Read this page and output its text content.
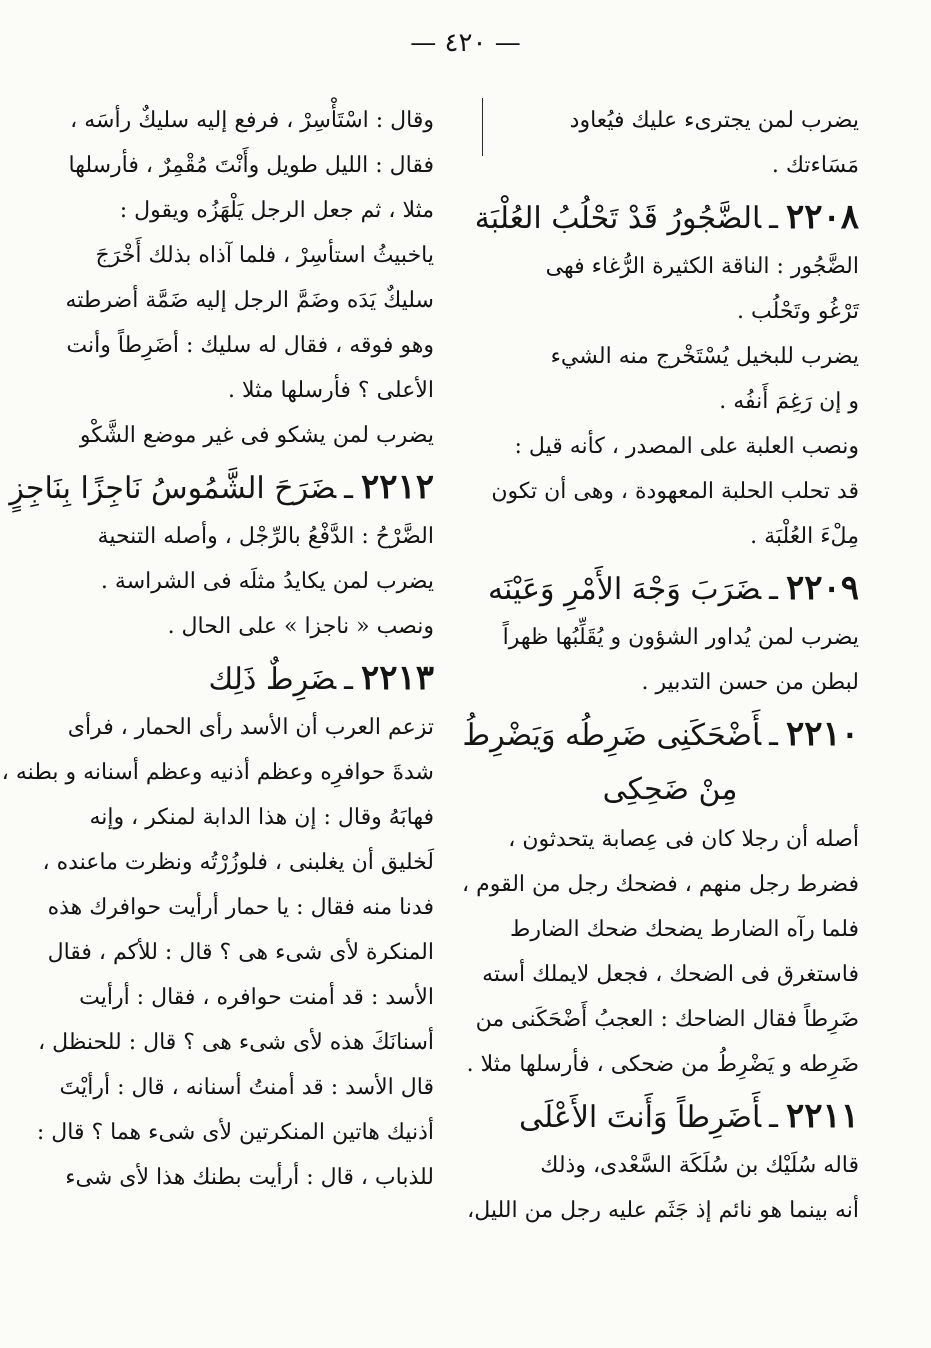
— ٤٢٠ —

يضرب لمن يجترىء عليك فيُعاود

مَسَاءتك .

٢٢٠٨ـالضَّجُورُ قَدْ تَحْلُبُ العُلْبَة

الضَّجُور : الناقة الكثيرة الرُّغاء فهى

تَرْغُو وتَحْلُب .

يضرب للبخيل يُسْتَخْرج منه الشيء

و إن رَغِمَ أَنفُه .

ونصب العلبة على المصدر ، كأنه قيل :

قد تحلب الحلبة المعهودة ، وهى أن تكون

مِلْءَ العُلْبَة .

٢٢٠٩ـضَرَبَ وَجْهَ الأَمْرِ وَعَيْنَه

يضرب لمن يُداور الشؤون و يُقَلِّبُها ظهراً

لبطن من حسن التدبير .

٢٢١٠ـأَضْحَكَنِى ضَرِطُه وَيَضْرِطُ
مِنْ ضَحِكِى

أصله أن رجلا كان فى عِصابة يتحدثون ،

فضرط رجل منهم ، فضحك رجل من القوم ،

فلما رآه الضارط يضحك ضحك الضارط

فاستغرق فى الضحك ، فجعل لايملك أسته

ضَرِطاً فقال الضاحك : العجبُ أَضْحَكَنى من

ضَرِطه و يَضْرِطُ من ضحكى ، فأرسلها مثلا .

٢٢١١ـأَضَرِطاً وَأَنتَ الأَعْلَى

قاله سُلَيْك بن سُلَكَة السَّعْدى، وذلك

أنه بينما هو نائم إذ جَثَم عليه رجل من الليل،

وقال : اسْتَأْسِرْ ، فرفع إليه سليكٌ رأسَه ،

فقال : الليل طويل وأَنْتَ مُقْمِرٌ ، فأرسلها

مثلا ، ثم جعل الرجل يَلْهَزُه ويقول :

ياخبيثُ استأسِرْ ، فلما آذاه بذلك أَخْرَجَ

سليكٌ يَدَه وضَمَّ الرجل إليه ضَمَّة أضرطته

وهو فوقه ، فقال له سليك : أضَرِطاً وأنت

الأعلى ؟ فأرسلها مثلا .

يضرب لمن يشكو فى غير موضع الشَّكْو

٢٢١٢ـضَرَحَ الشَّمُوسُ نَاجِزًا بِنَاجِزٍ

الضَّرْحُ : الدَّفْعُ بالرِّجْل ، وأصله التنحية

يضرب لمن يكايدُ مثلَه فى الشراسة .

ونصب « ناجزا » على الحال .

٢٢١٣ـضَرِطٌ ذَلِك

تزعم العرب أن الأسد رأى الحمار ، فرأى

شدةَ حوافرِه وعظم أذنيه وعظم أسنانه و بطنه ،

فهابَهُ وقال : إن هذا الدابة لمنكر ، وإنه

لَخليق أن يغلبنى ، فلوزُرْتُه ونظرت ماعنده ،

فدنا منه فقال : يا حمار أرأيت حوافرك هذه

المنكرة لأى شىء هى ؟ قال : للأكم ، فقال

الأسد : قد أمنت حوافره ، فقال : أرأيت

أسنانَكَ هذه لأى شىء هى ؟ قال : للحنظل ،

قال الأسد : قد أمنتُ أسنانه ، قال : أرأيْتَ

أذنيك هاتين المنكرتين لأى شىء هما ؟ قال :

للذباب ، قال : أرأيت بطنك هذا لأى شىء
